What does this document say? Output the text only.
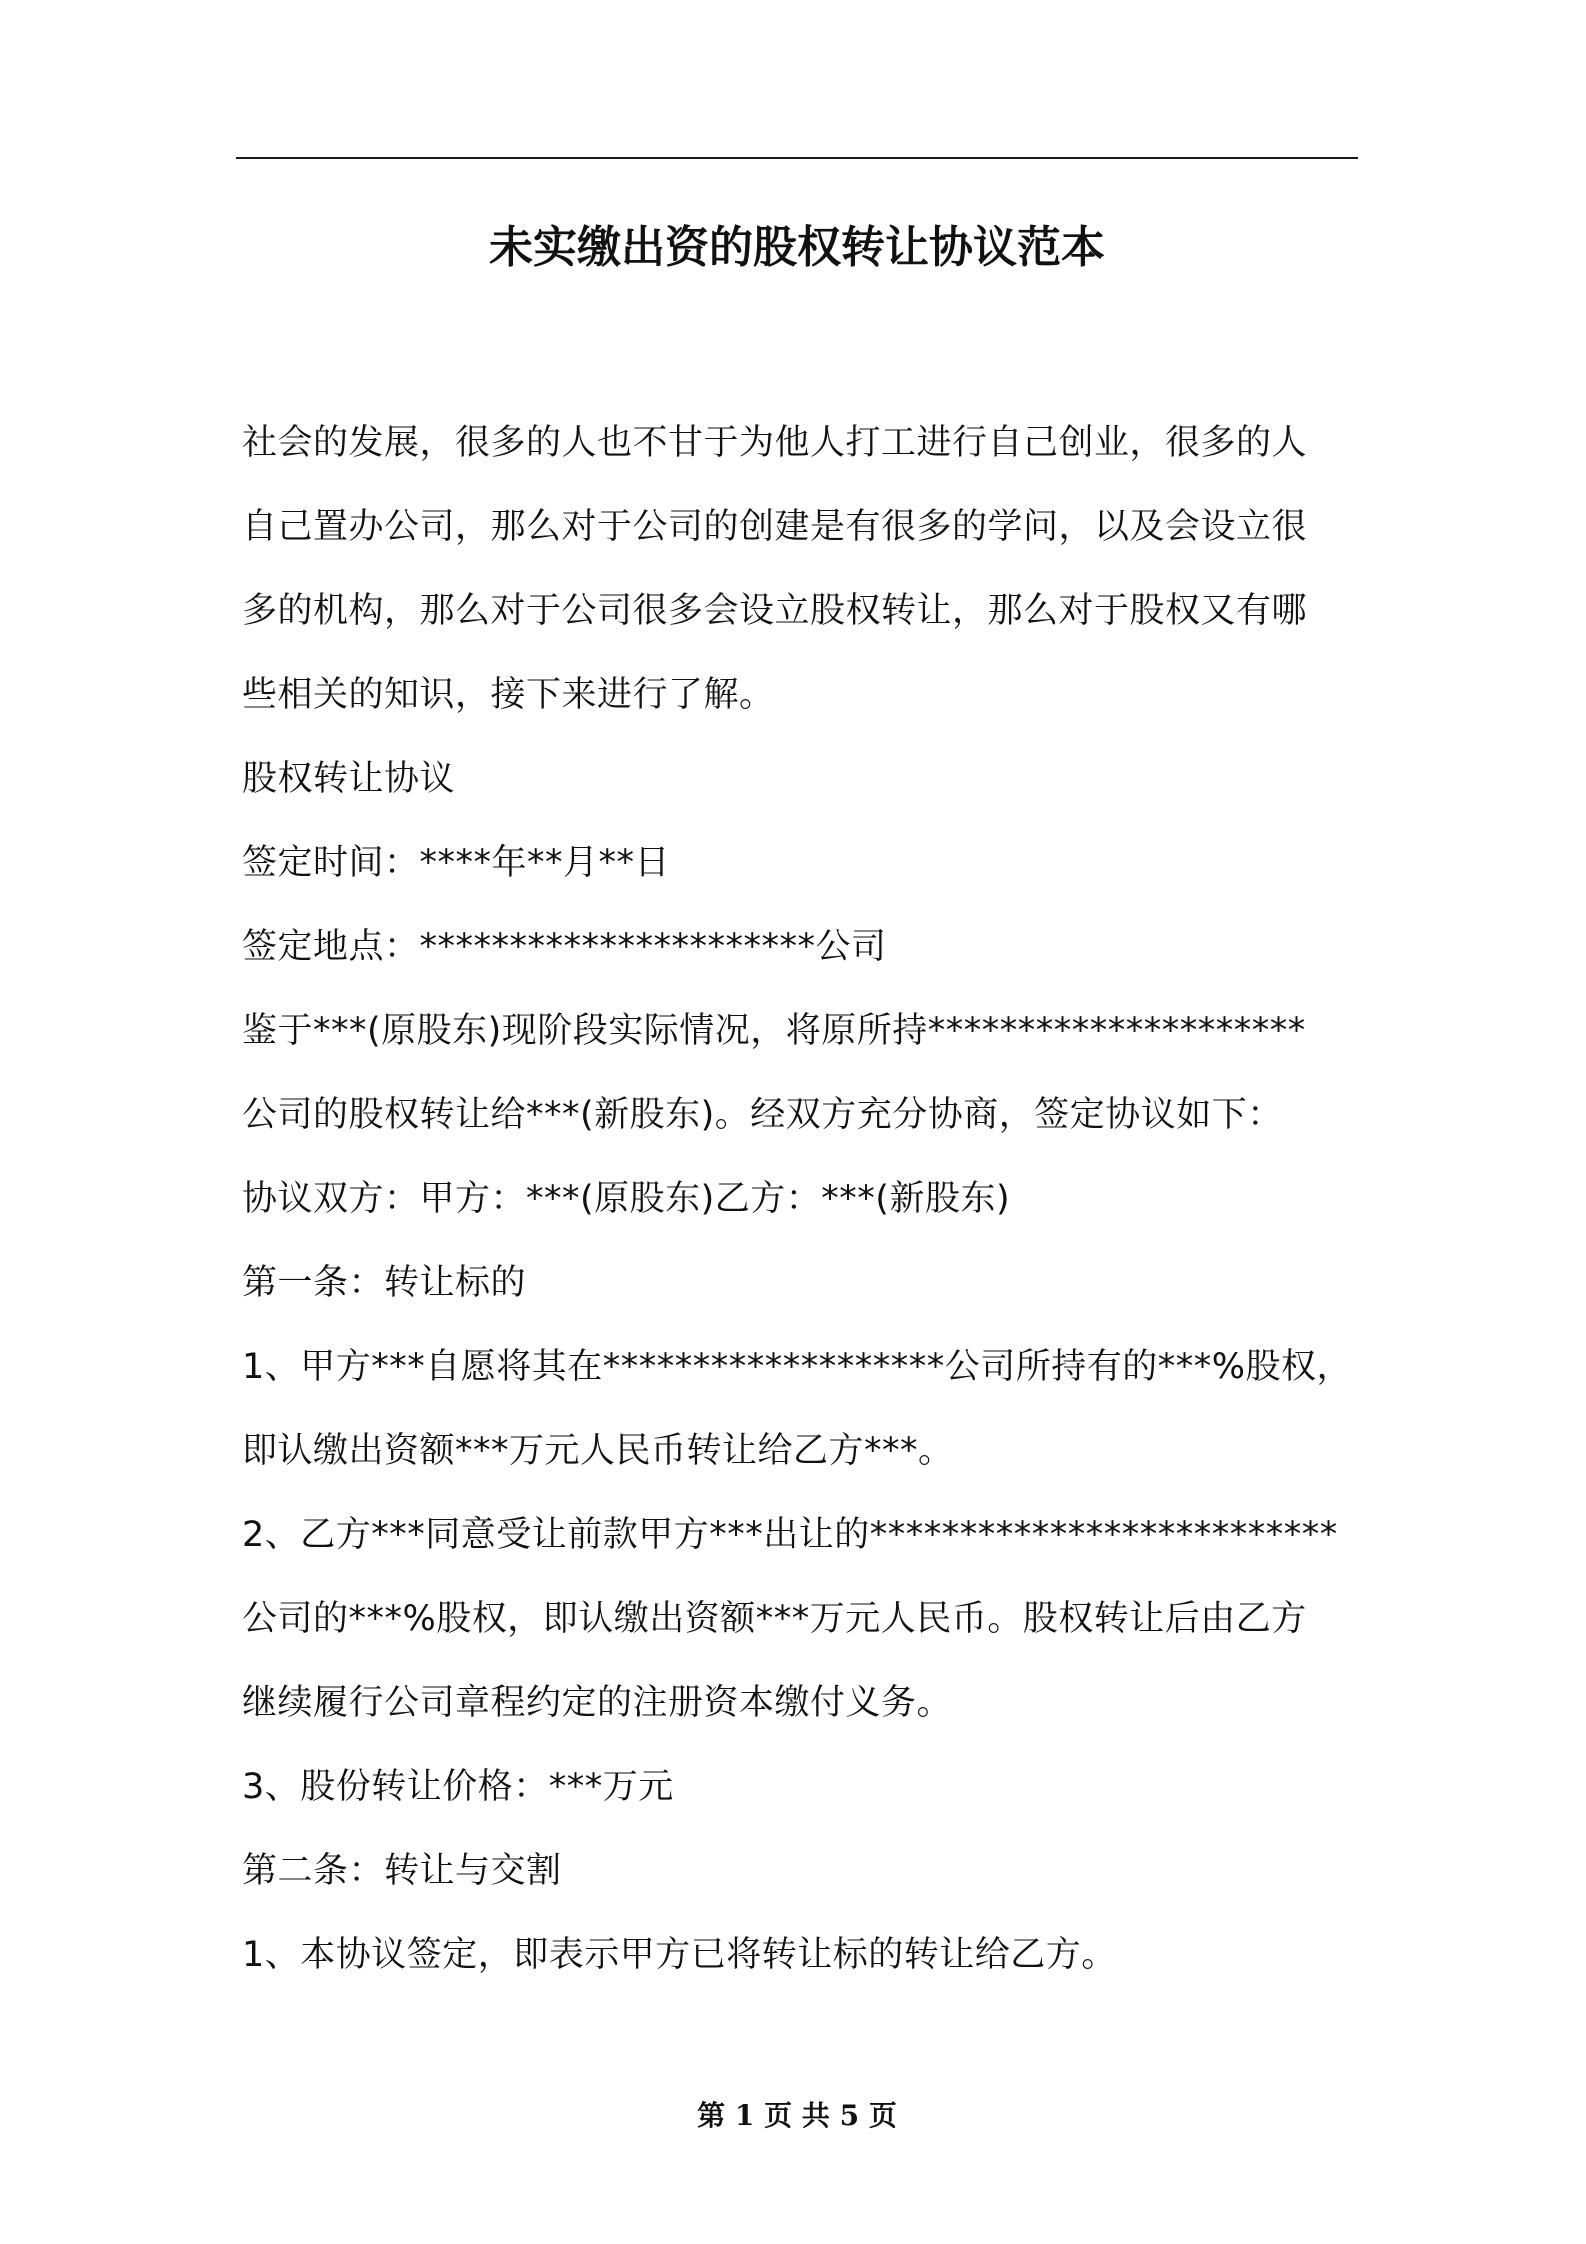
未实缴出资的股权转让协议范本
社会的发展，很多的人也不甘于为他人打工进行自己创业，很多的人
自己置办公司，那么对于公司的创建是有很多的学问，以及会设立很
多的机构，那么对于公司很多会设立股权转让，那么对于股权又有哪
些相关的知识，接下来进行了解。
股权转让协议
签定时间：****年**月**日
签定地点：**********************公司
鉴于***(原股东)现阶段实际情况，将原所持*********************
公司的股权转让给***(新股东)。经双方充分协商，签定协议如下：
协议双方：甲方：***(原股东)乙方：***(新股东)
第一条：转让标的
1、甲方***自愿将其在*******************公司所持有的***%股权，
即认缴出资额***万元人民币转让给乙方***。
2、乙方***同意受让前款甲方***出让的**************************
公司的***%股权，即认缴出资额***万元人民币。股权转让后由乙方
继续履行公司章程约定的注册资本缴付义务。
3、股份转让价格：***万元
第二条：转让与交割
1、本协议签定，即表示甲方已将转让标的转让给乙方。
第 1 页 共 5 页
